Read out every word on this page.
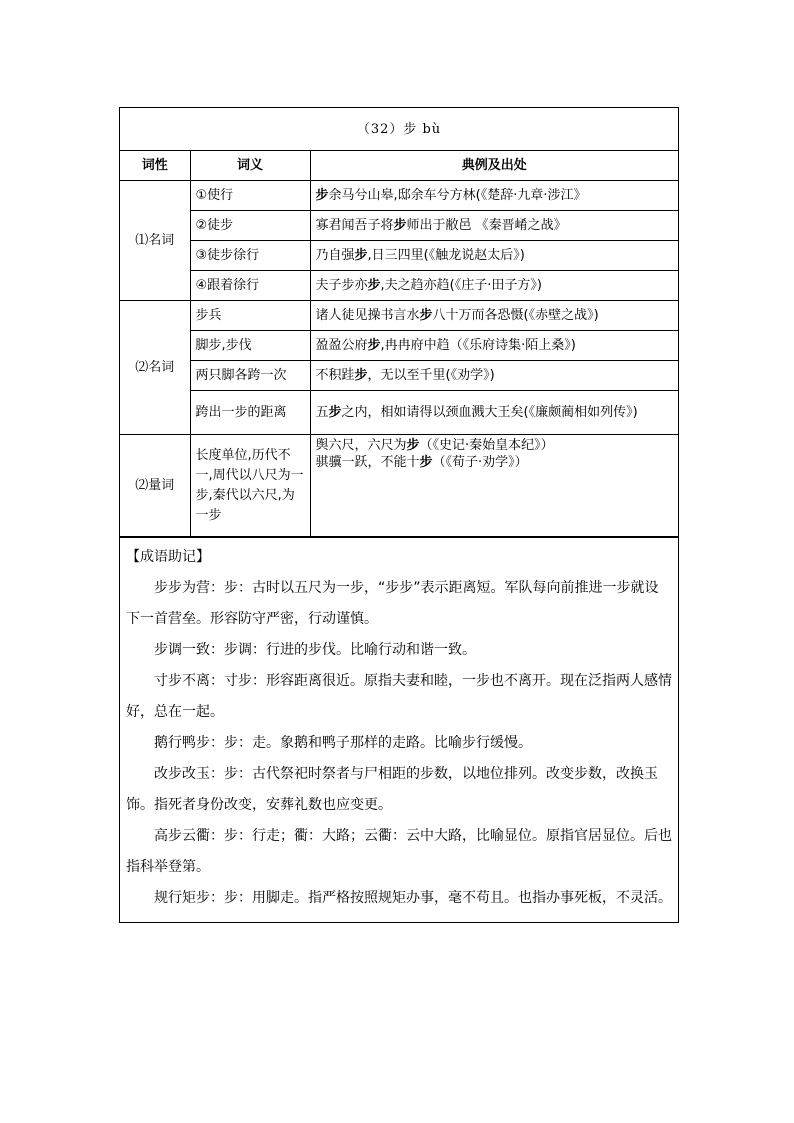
（32）步 bù		
词性	词义	典例及出处
⑴名词	①使行	步余马兮山皋,邸余车兮方林(《楚辞·九章·涉江》
	②徒步	寡君闻吾子将步师出于敝邑 《秦晋崤之战》
	③徒步徐行	乃自强步,日三四里(《触龙说赵太后》)
	④跟着徐行	夫子步亦步,夫之趋亦趋(《庄子·田子方》)
⑵名词	步兵	诸人徒见操书言水步八十万而各恐慑(《赤壁之战》)
	脚步,步伐	盈盈公府步,冉冉府中趋（《乐府诗集·陌上桑》)
	两只脚各跨一次	不积跬步，无以至千里(《劝学》)
	跨出一步的距离	五步之内，相如请得以颈血溅大王矣(《廉颇蔺相如列传》)
⑵量词	长度单位,历代不一,周代以八尺为一步,秦代以六尺,为一步	舆六尺，六尺为步（《史记·秦始皇本纪》）
骐骥一跃，不能十步（《荀子·劝学》）
【成语助记】

步步为营：步：古时以五尺为一步，“步步”表示距离短。军队每向前推进一步就设下一首营垒。形容防守严密，行动谨慎。

步调一致：步调：行进的步伐。比喻行动和谐一致。

寸步不离：寸步：形容距离很近。原指夫妻和睦，一步也不离开。现在泛指两人感情好，总在一起。

鹅行鸭步：步：走。象鹅和鸭子那样的走路。比喻步行缓慢。

改步改玉：步：古代祭祀时祭者与尸相距的步数，以地位排列。改变步数，改换玉饰。指死者身份改变，安葬礼数也应变更。

高步云衢：步：行走；衢：大路；云衢：云中大路，比喻显位。原指官居显位。后也指科举登第。

规行矩步：步：用脚走。指严格按照规矩办事，毫不苟且。也指办事死板，不灵活。
